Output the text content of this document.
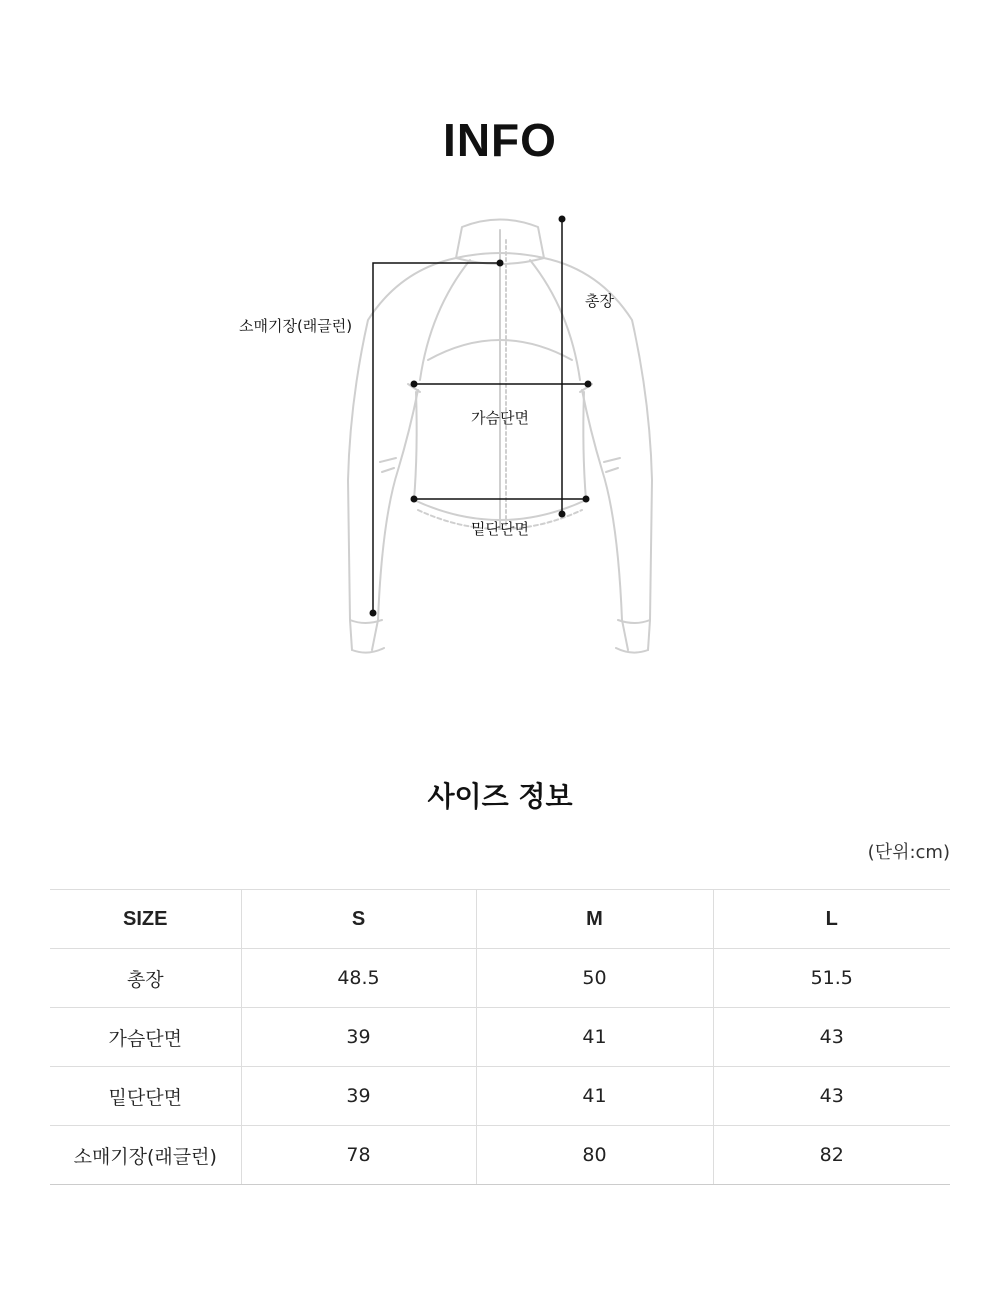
INFO
총장
소매기장(래글런)
가슴단면
밑단단면
사이즈 정보
(단위:cm)
SIZE	S	M	L
총장	48.5	50	51.5
가슴단면	39	41	43
밑단단면	39	41	43
소매기장(래글런)	78	80	82
